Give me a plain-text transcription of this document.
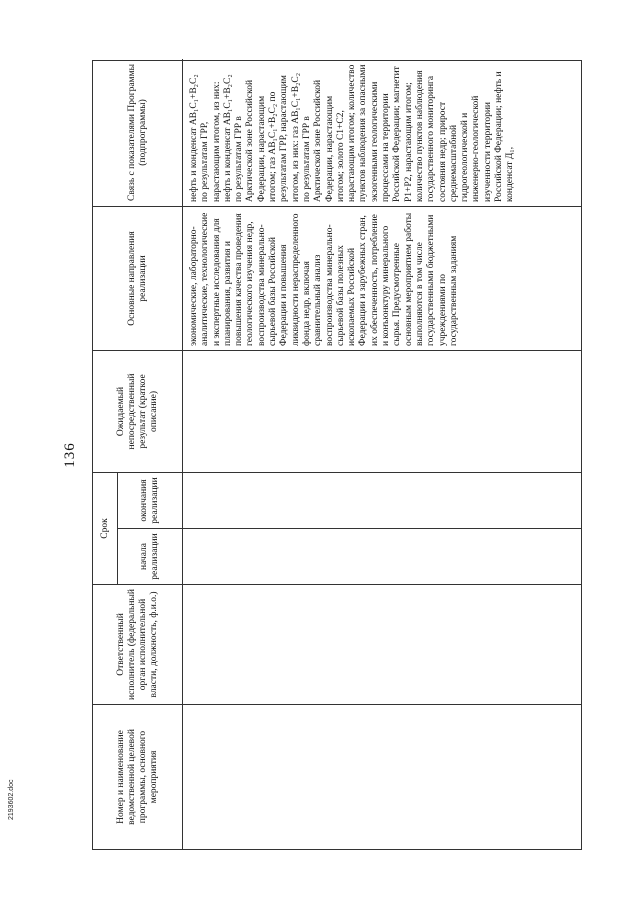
136
Номер и наименование ведомственной целевой программы, основного мероприятия
Ответственный исполнитель (федеральный орган исполнительной власти, должность, ф.и.о.)
Срок
Ожидаемый непосредственный результат (краткое описание)
Основные направления реализации
Связь с показателями Программы (подпрограммы)
начала реализации
окончания реализации
экономические, лабораторно-аналитические, технологические и экспертные исследования для планирования, развития и повышения качества проведения геологического изучения недр, воспроизводства минерально-сырьевой базы Российской Федерации и повышения ликвидности нераспределенного фонда недр, включая сравнительный анализ воспроизводства минерально-сырьевой базы полезных ископаемых Российской Федерации и зарубежных стран, их обеспеченность, потребление и конъюнктуру минерального сырья. Предусмотренные основным мероприятием работы выполняются в том числе государственными бюджетными учреждениями по государственным заданиям
нефть и конденсат АВ₁С₁+В₂С₂ по результатам ГРР, нарастающим итогом, из них: нефть и конденсат АВ₁С₁+В₂С₂ по результатам ГРР в Арктической зоне Российской Федерации, нарастающим итогом; газ АВ₁С₁+В₂С₂ по результатам ГРР, нарастающим итогом, из них: газ АВ₁С₁+В₂С₂ по результатам ГРР в Арктической зоне Российской Федерации, нарастающим итогом; золото С1+С2, нарастающим итогом; количество пунктов наблюдения за опасными экзогенными геологическими процессами на территории Российской Федерации; магнетит Р1+Р2, нарастающим итогом; количество пунктов наблюдения государственного мониторинга состояния недр; прирост среднемасштабной гидрогеологической и инженерно-геологической изученности территории Российской Федерации; нефть и конденсат Д₁,
2193602.doc
